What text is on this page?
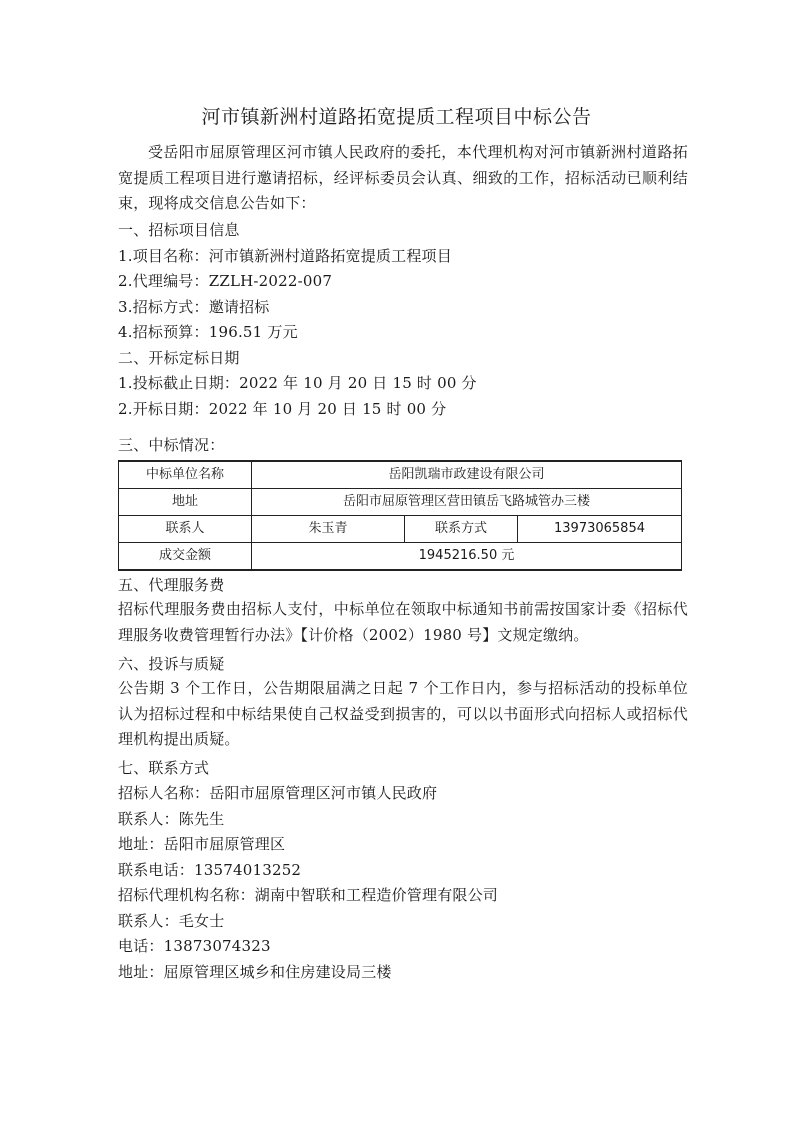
河市镇新洲村道路拓宽提质工程项目中标公告
受岳阳市屈原管理区河市镇人民政府的委托，本代理机构对河市镇新洲村道路拓宽提质工程项目进行邀请招标，经评标委员会认真、细致的工作，招标活动已顺利结束，现将成交信息公告如下：
一、招标项目信息
1.项目名称：河市镇新洲村道路拓宽提质工程项目
2.代理编号：ZZLH-2022-007
3.招标方式：邀请招标
4.招标预算：196.51 万元
二、开标定标日期
1.投标截止日期：2022 年 10 月 20 日 15 时 00 分
2.开标日期：2022 年 10 月 20 日 15 时 00 分
三、中标情况：
中标单位名称	岳阳凯瑞市政建设有限公司		
地址	岳阳市屈原管理区营田镇岳飞路城管办三楼		
联系人	朱玉青	联系方式	13973065854
成交金额	1945216.50 元		
五、代理服务费
招标代理服务费由招标人支付，中标单位在领取中标通知书前需按国家计委《招标代理服务收费管理暂行办法》【计价格（2002）1980 号】文规定缴纳。
六、投诉与质疑
公告期 3 个工作日，公告期限届满之日起 7 个工作日内，参与招标活动的投标单位认为招标过程和中标结果使自己权益受到损害的，可以以书面形式向招标人或招标代理机构提出质疑。
七、联系方式
招标人名称：岳阳市屈原管理区河市镇人民政府
联系人：陈先生
地址：岳阳市屈原管理区
联系电话：13574013252
招标代理机构名称：湖南中智联和工程造价管理有限公司
联系人：毛女士
电话：13873074323
地址：屈原管理区城乡和住房建设局三楼
